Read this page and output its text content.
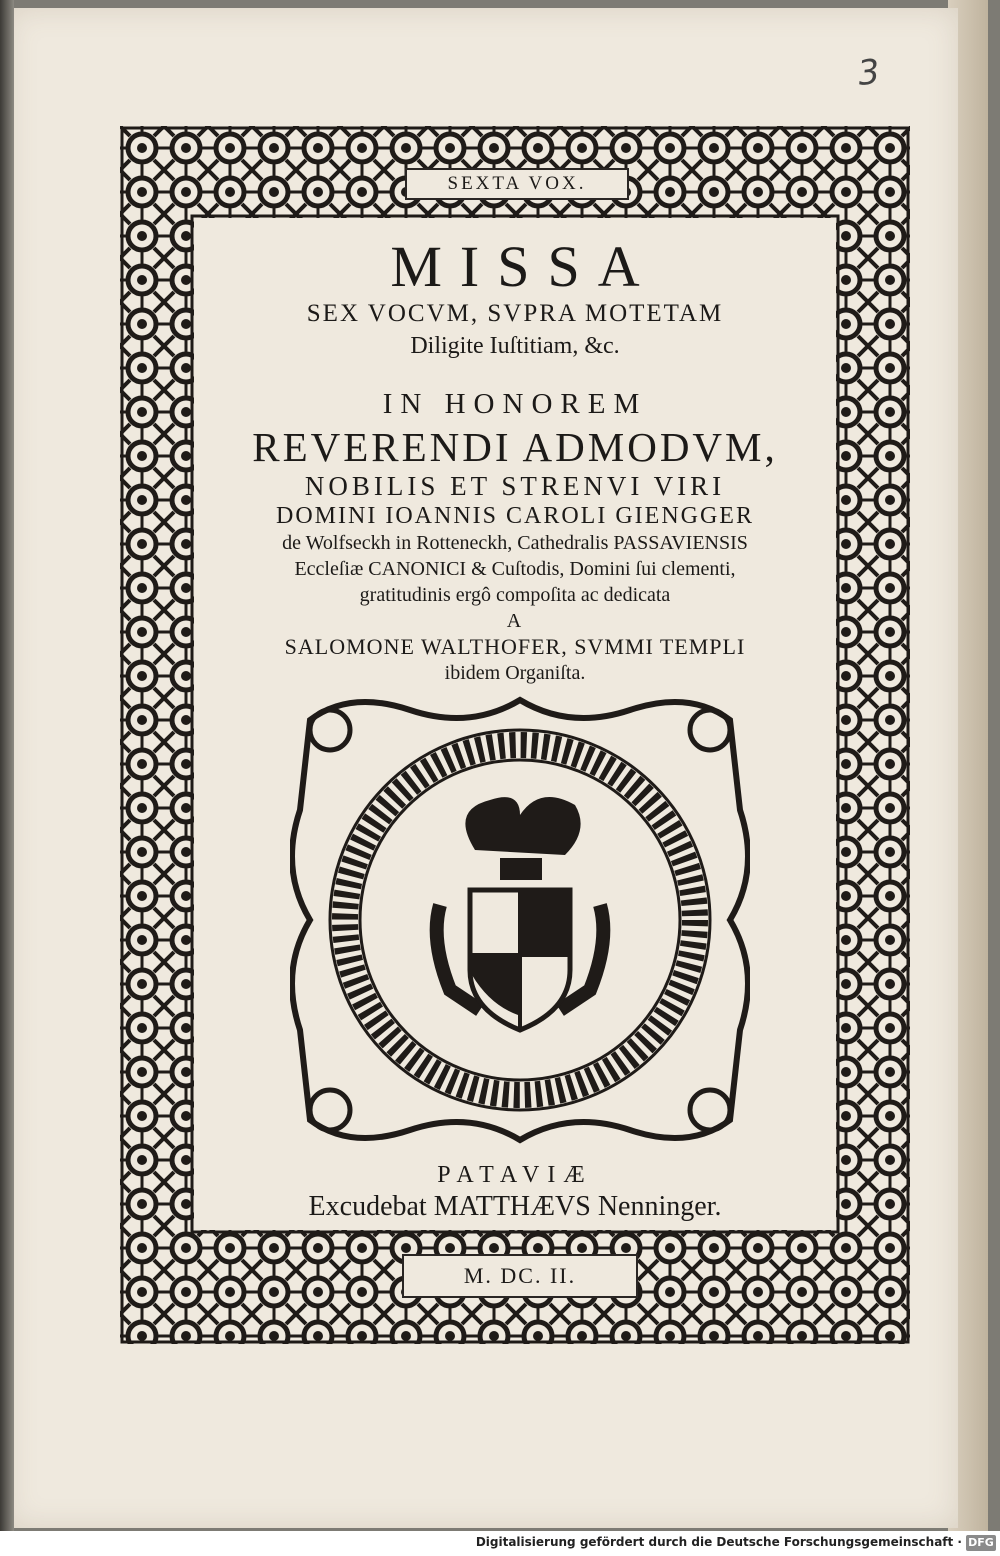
3
SEXTA VOX.
MISSA
SEX VOCVM, SVPRA MOTETAM
Diligite Iuſtitiam, &c.
IN HONOREM
REVERENDI ADMODVM,
NOBILIS ET STRENVI VIRI
DOMINI IOANNIS CAROLI GIENGGER
de Wolfseckh in Rotteneckh, Cathedralis PASSAVIENSIS
Eccleſiæ CANONICI & Cuſtodis, Domini ſui clementi,
gratitudinis ergô compoſita ac dedicata
A
SALOMONE WALTHOFER, SVMMI TEMPLI
ibidem Organiſta.
PATAVIÆ
Excudebat MATTHÆVS Nenninger.
M. DC. II.
Digitalisierung gefördert durch die Deutsche Forschungsgemeinschaft · DFG
